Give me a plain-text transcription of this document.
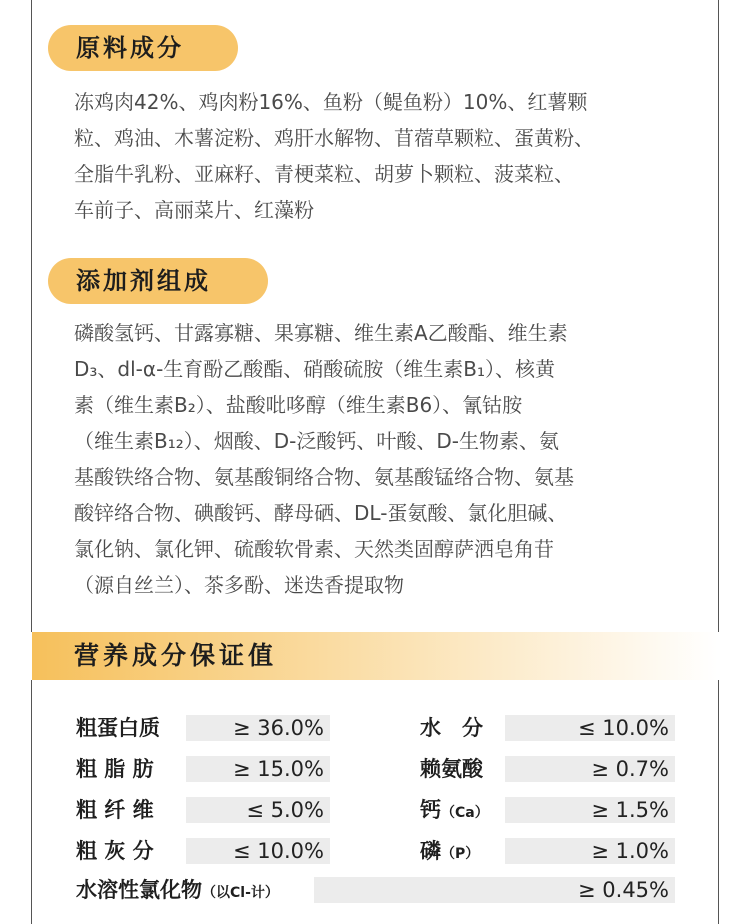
原料成分
冻鸡肉42%、鸡肉粉16%、鱼粉（鳀鱼粉）10%、红薯颗
粒、鸡油、木薯淀粉、鸡肝水解物、苜蓿草颗粒、蛋黄粉、
全脂牛乳粉、亚麻籽、青梗菜粒、胡萝卜颗粒、菠菜粒、
车前子、高丽菜片、红藻粉
添加剂组成
磷酸氢钙、甘露寡糖、果寡糖、维生素A乙酸酯、维生素
D₃、dl-α-生育酚乙酸酯、硝酸硫胺（维生素B₁）、核黄
素（维生素B₂）、盐酸吡哆醇（维生素B6）、氰钴胺
（维生素B₁₂）、烟酸、D-泛酸钙、叶酸、D-生物素、氨
基酸铁络合物、氨基酸铜络合物、氨基酸锰络合物、氨基
酸锌络合物、碘酸钙、酵母硒、DL-蛋氨酸、氯化胆碱、
氯化钠、氯化钾、硫酸软骨素、天然类固醇萨洒皂角苷
（源自丝兰）、茶多酚、迷迭香提取物
营养成分保证值
粗蛋白质	≥ 36.0%	水　分	≤ 10.0%
粗 脂 肪	≥ 15.0%	赖氨酸	≥ 0.7%
粗 纤 维	≤ 5.0%	钙（Ca）	≥ 1.5%
粗 灰 分	≤ 10.0%	磷（P）	≥ 1.0%
水溶性氯化物（以Cl-计）	≥ 0.45%
